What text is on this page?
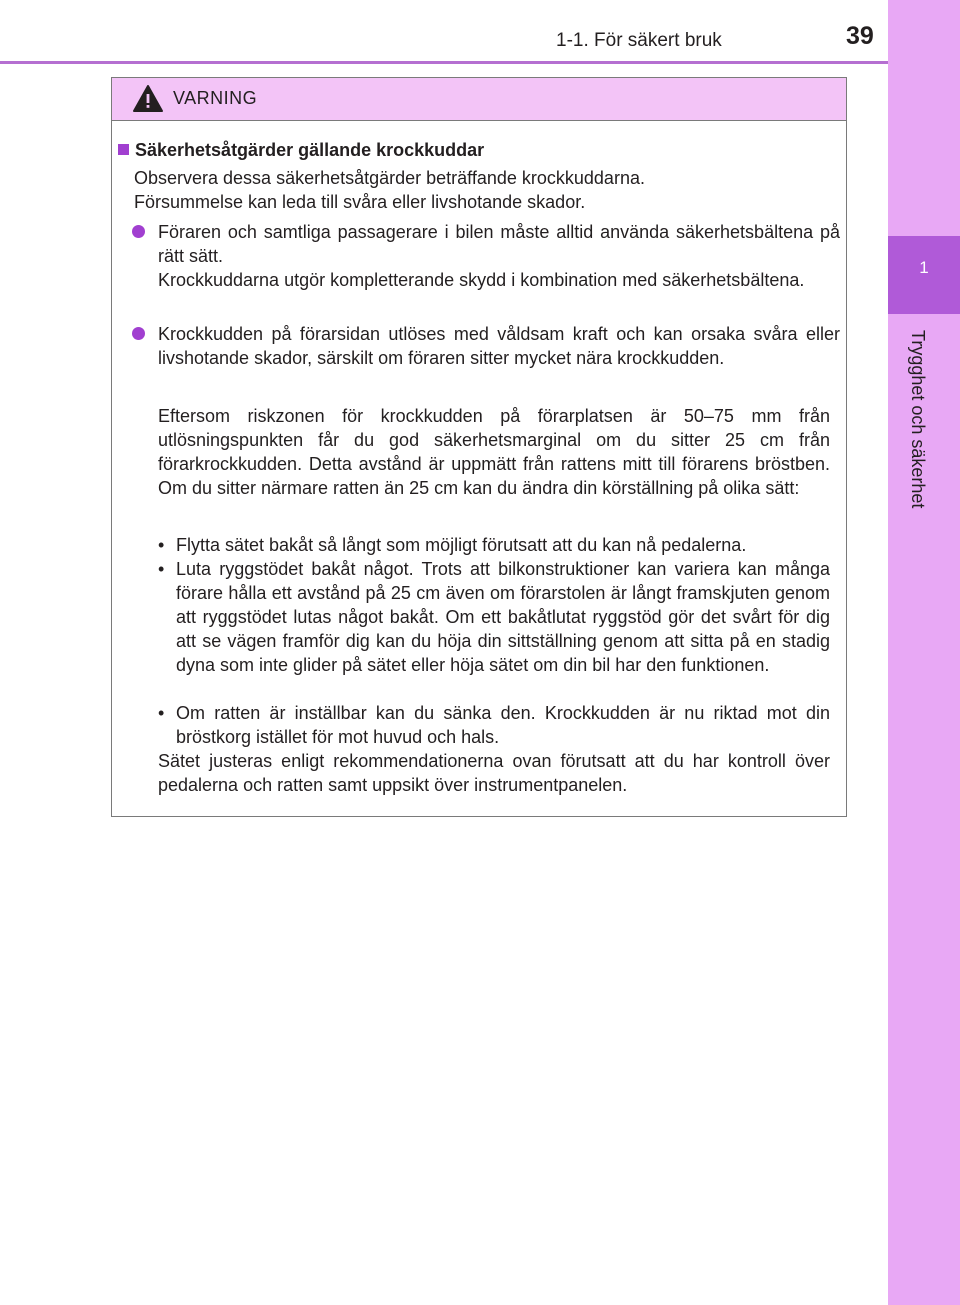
1-1. För säkert bruk	39
1
Trygghet och säkerhet
VARNING
Säkerhetsåtgärder gällande krockkuddar
Observera dessa säkerhetsåtgärder beträffande krockkuddarna.
Försummelse kan leda till svåra eller livshotande skador.
Föraren och samtliga passagerare i bilen måste alltid använda säkerhetsbältena på rätt sätt.
Krockkuddarna utgör kompletterande skydd i kombination med säkerhetsbältena.
Krockkudden på förarsidan utlöses med våldsam kraft och kan orsaka svåra eller livshotande skador, särskilt om föraren sitter mycket nära krockkudden.
Eftersom riskzonen för krockkudden på förarplatsen är 50–75 mm från utlösningspunkten får du god säkerhetsmarginal om du sitter 25 cm från förarkrockkudden. Detta avstånd är uppmätt från rattens mitt till förarens bröstben. Om du sitter närmare ratten än 25 cm kan du ändra din körställning på olika sätt:
• Flytta sätet bakåt så långt som möjligt förutsatt att du kan nå pedalerna.
• Luta ryggstödet bakåt något. Trots att bilkonstruktioner kan variera kan många förare hålla ett avstånd på 25 cm även om förarstolen är långt framskjuten genom att ryggstödet lutas något bakåt. Om ett bakåtlutat ryggstöd gör det svårt för dig att se vägen framför dig kan du höja din sittställning genom att sitta på en stadig dyna som inte glider på sätet eller höja sätet om din bil har den funktionen.
• Om ratten är inställbar kan du sänka den. Krockkudden är nu riktad mot din bröstkorg istället för mot huvud och hals.
Sätet justeras enligt rekommendationerna ovan förutsatt att du har kontroll över pedalerna och ratten samt uppsikt över instrumentpanelen.
